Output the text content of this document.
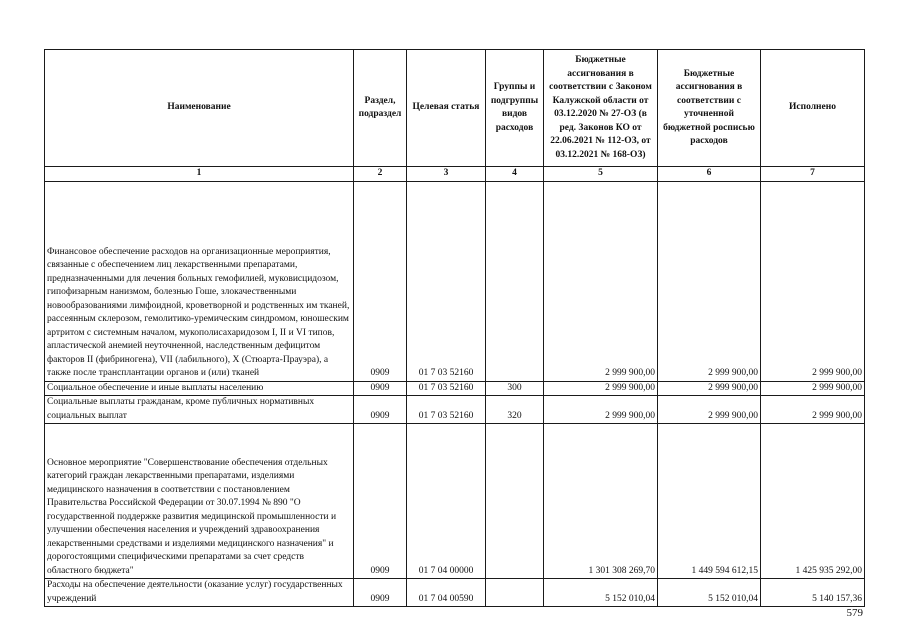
Наименование	Раздел, подраздел	Целевая статья	Группы и подгруппы видов расходов	Бюджетные ассигнования в соответствии с Законом Калужской области от 03.12.2020 № 27-ОЗ (в ред. Законов КО от 22.06.2021 № 112-ОЗ, от 03.12.2021 № 168-ОЗ)	Бюджетные ассигнования в соответствии с уточненной бюджетной росписью расходов	Исполнено
1	2	3	4	5	6	7
Финансовое обеспечение расходов на организационные мероприятия, связанные с обеспечением лиц лекарственными препаратами, предназначенными для лечения больных гемофилией, муковисцидозом, гипофизарным нанизмом, болезнью Гоше, злокачественными новообразованиями лимфоидной, кроветворной и родственных им тканей, рассеянным склерозом, гемолитико-уремическим синдромом, юношеским артритом с системным началом, мукополисахаридозом I, II и VI типов, апластической анемией неуточненной, наследственным дефицитом факторов II (фибриногена), VII (лабильного), X (Стюарта-Прауэра), а также после трансплантации органов и (или) тканей	0909	01 7 03 52160		2 999 900,00	2 999 900,00	2 999 900,00
Социальное обеспечение и иные выплаты населению	0909	01 7 03 52160	300	2 999 900,00	2 999 900,00	2 999 900,00
Социальные выплаты гражданам, кроме публичных нормативных социальных выплат	0909	01 7 03 52160	320	2 999 900,00	2 999 900,00	2 999 900,00
Основное мероприятие "Совершенствование обеспечения отдельных категорий граждан лекарственными препаратами, изделиями медицинского назначения в соответствии с постановлением Правительства Российской Федерации от 30.07.1994 № 890 "О государственной поддержке развития медицинской промышленности и улучшении обеспечения населения и учреждений здравоохранения лекарственными средствами и изделиями медицинского назначения" и дорогостоящими специфическими препаратами за счет средств областного бюджета"	0909	01 7 04 00000		1 301 308 269,70	1 449 594 612,15	1 425 935 292,00
Расходы на обеспечение деятельности (оказание услуг) государственных учреждений	0909	01 7 04 00590		5 152 010,04	5 152 010,04	5 140 157,36
579
